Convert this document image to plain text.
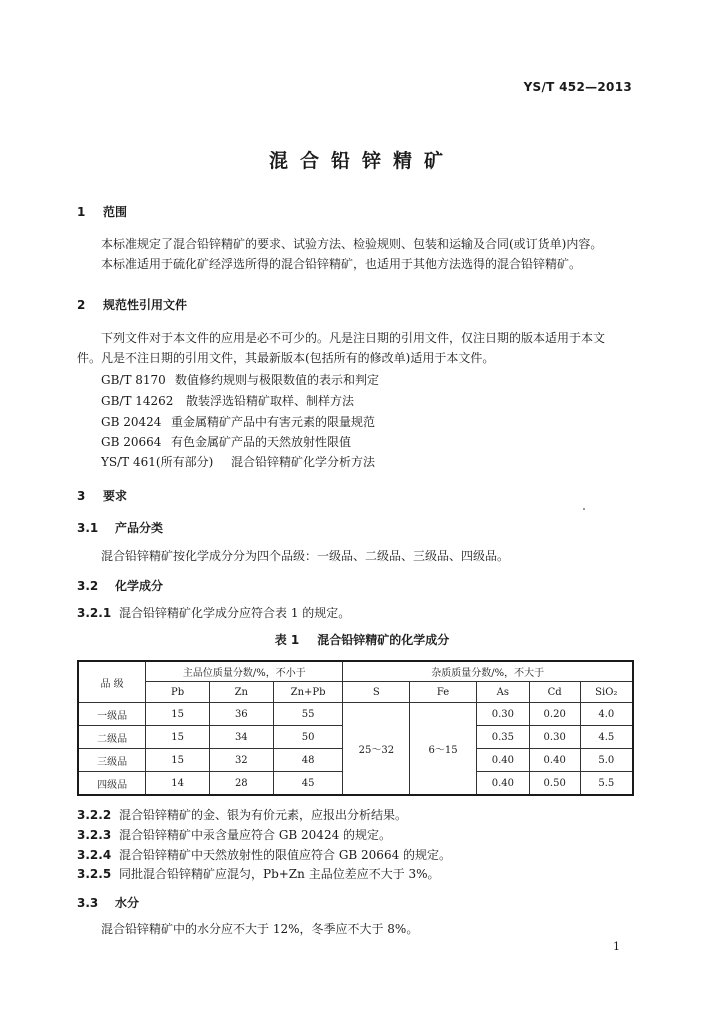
YS/T 452—2013
混合铅锌精矿
1 范围
本标准规定了混合铅锌精矿的要求、试验方法、检验规则、包装和运输及合同(或订货单)内容。
本标准适用于硫化矿经浮选所得的混合铅锌精矿，也适用于其他方法选得的混合铅锌精矿。
2 规范性引用文件
下列文件对于本文件的应用是必不可少的。凡是注日期的引用文件，仅注日期的版本适用于本文
件。凡是不注日期的引用文件，其最新版本(包括所有的修改单)适用于本文件。
GB/T 8170 数值修约规则与极限数值的表示和判定
GB/T 14262 散装浮选铅精矿取样、制样方法
GB 20424 重金属精矿产品中有害元素的限量规范
GB 20664 有色金属矿产品的天然放射性限值
YS/T 461(所有部分) 混合铅锌精矿化学分析方法
3 要求
3.1 产品分类
混合铅锌精矿按化学成分分为四个品级：一级品、二级品、三级品、四级品。
3.2 化学成分
3.2.1 混合铅锌精矿化学成分应符合表 1 的规定。
表 1 混合铅锌精矿的化学成分
品 级	主品位质量分数/%，不小于			杂质质量分数/%，不大于				
	Pb	Zn	Zn+Pb	S	Fe	As	Cd	SiO₂
一级品	15	36	55	25～32	6～15	0.30	0.20	4.0
二级品	15	34	50			0.35	0.30	4.5
三级品	15	32	48			0.40	0.40	5.0
四级品	14	28	45			0.40	0.50	5.5
3.2.2 混合铅锌精矿的金、银为有价元素，应报出分析结果。
3.2.3 混合铅锌精矿中汞含量应符合 GB 20424 的规定。
3.2.4 混合铅锌精矿中天然放射性的限值应符合 GB 20664 的规定。
3.2.5 同批混合铅锌精矿应混匀，Pb+Zn 主品位差应不大于 3%。
3.3 水分
混合铅锌精矿中的水分应不大于 12%，冬季应不大于 8%。
1
